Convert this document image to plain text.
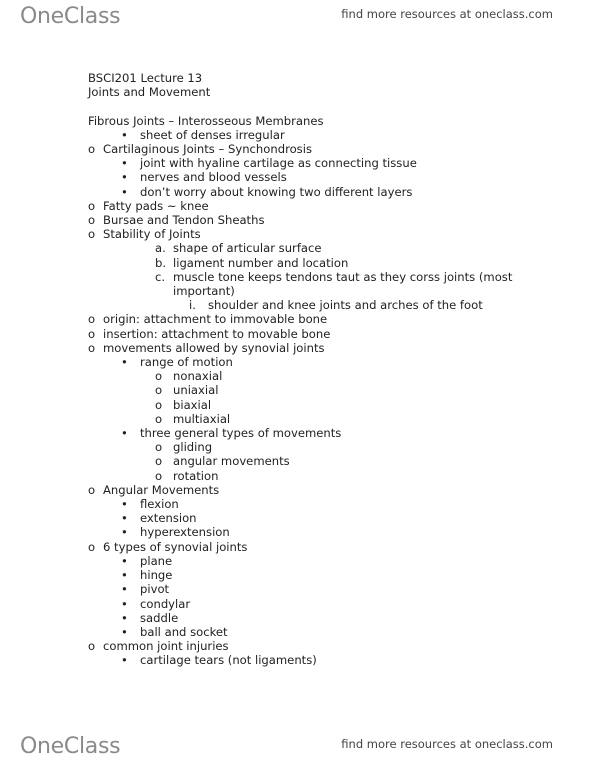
OneClass	find more resources at oneclass.com
BSCI201 Lecture 13
Joints and Movement
Fibrous Joints – Interosseous Membranes
• sheet of denses irregular
o Cartilaginous Joints – Synchondrosis
• joint with hyaline cartilage as connecting tissue
• nerves and blood vessels
• don’t worry about knowing two different layers
o Fatty pads ~ knee
o Bursae and Tendon Sheaths
o Stability of Joints
a. shape of articular surface
b. ligament number and location
c. muscle tone keeps tendons taut as they corss joints (most
important)
i. shoulder and knee joints and arches of the foot
o origin: attachment to immovable bone
o insertion: attachment to movable bone
o movements allowed by synovial joints
• range of motion
o nonaxial
o uniaxial
o biaxial
o multiaxial
• three general types of movements
o gliding
o angular movements
o rotation
o Angular Movements
• flexion
• extension
• hyperextension
o 6 types of synovial joints
• plane
• hinge
• pivot
• condylar
• saddle
• ball and socket
o common joint injuries
• cartilage tears (not ligaments)
OneClass	find more resources at oneclass.com
